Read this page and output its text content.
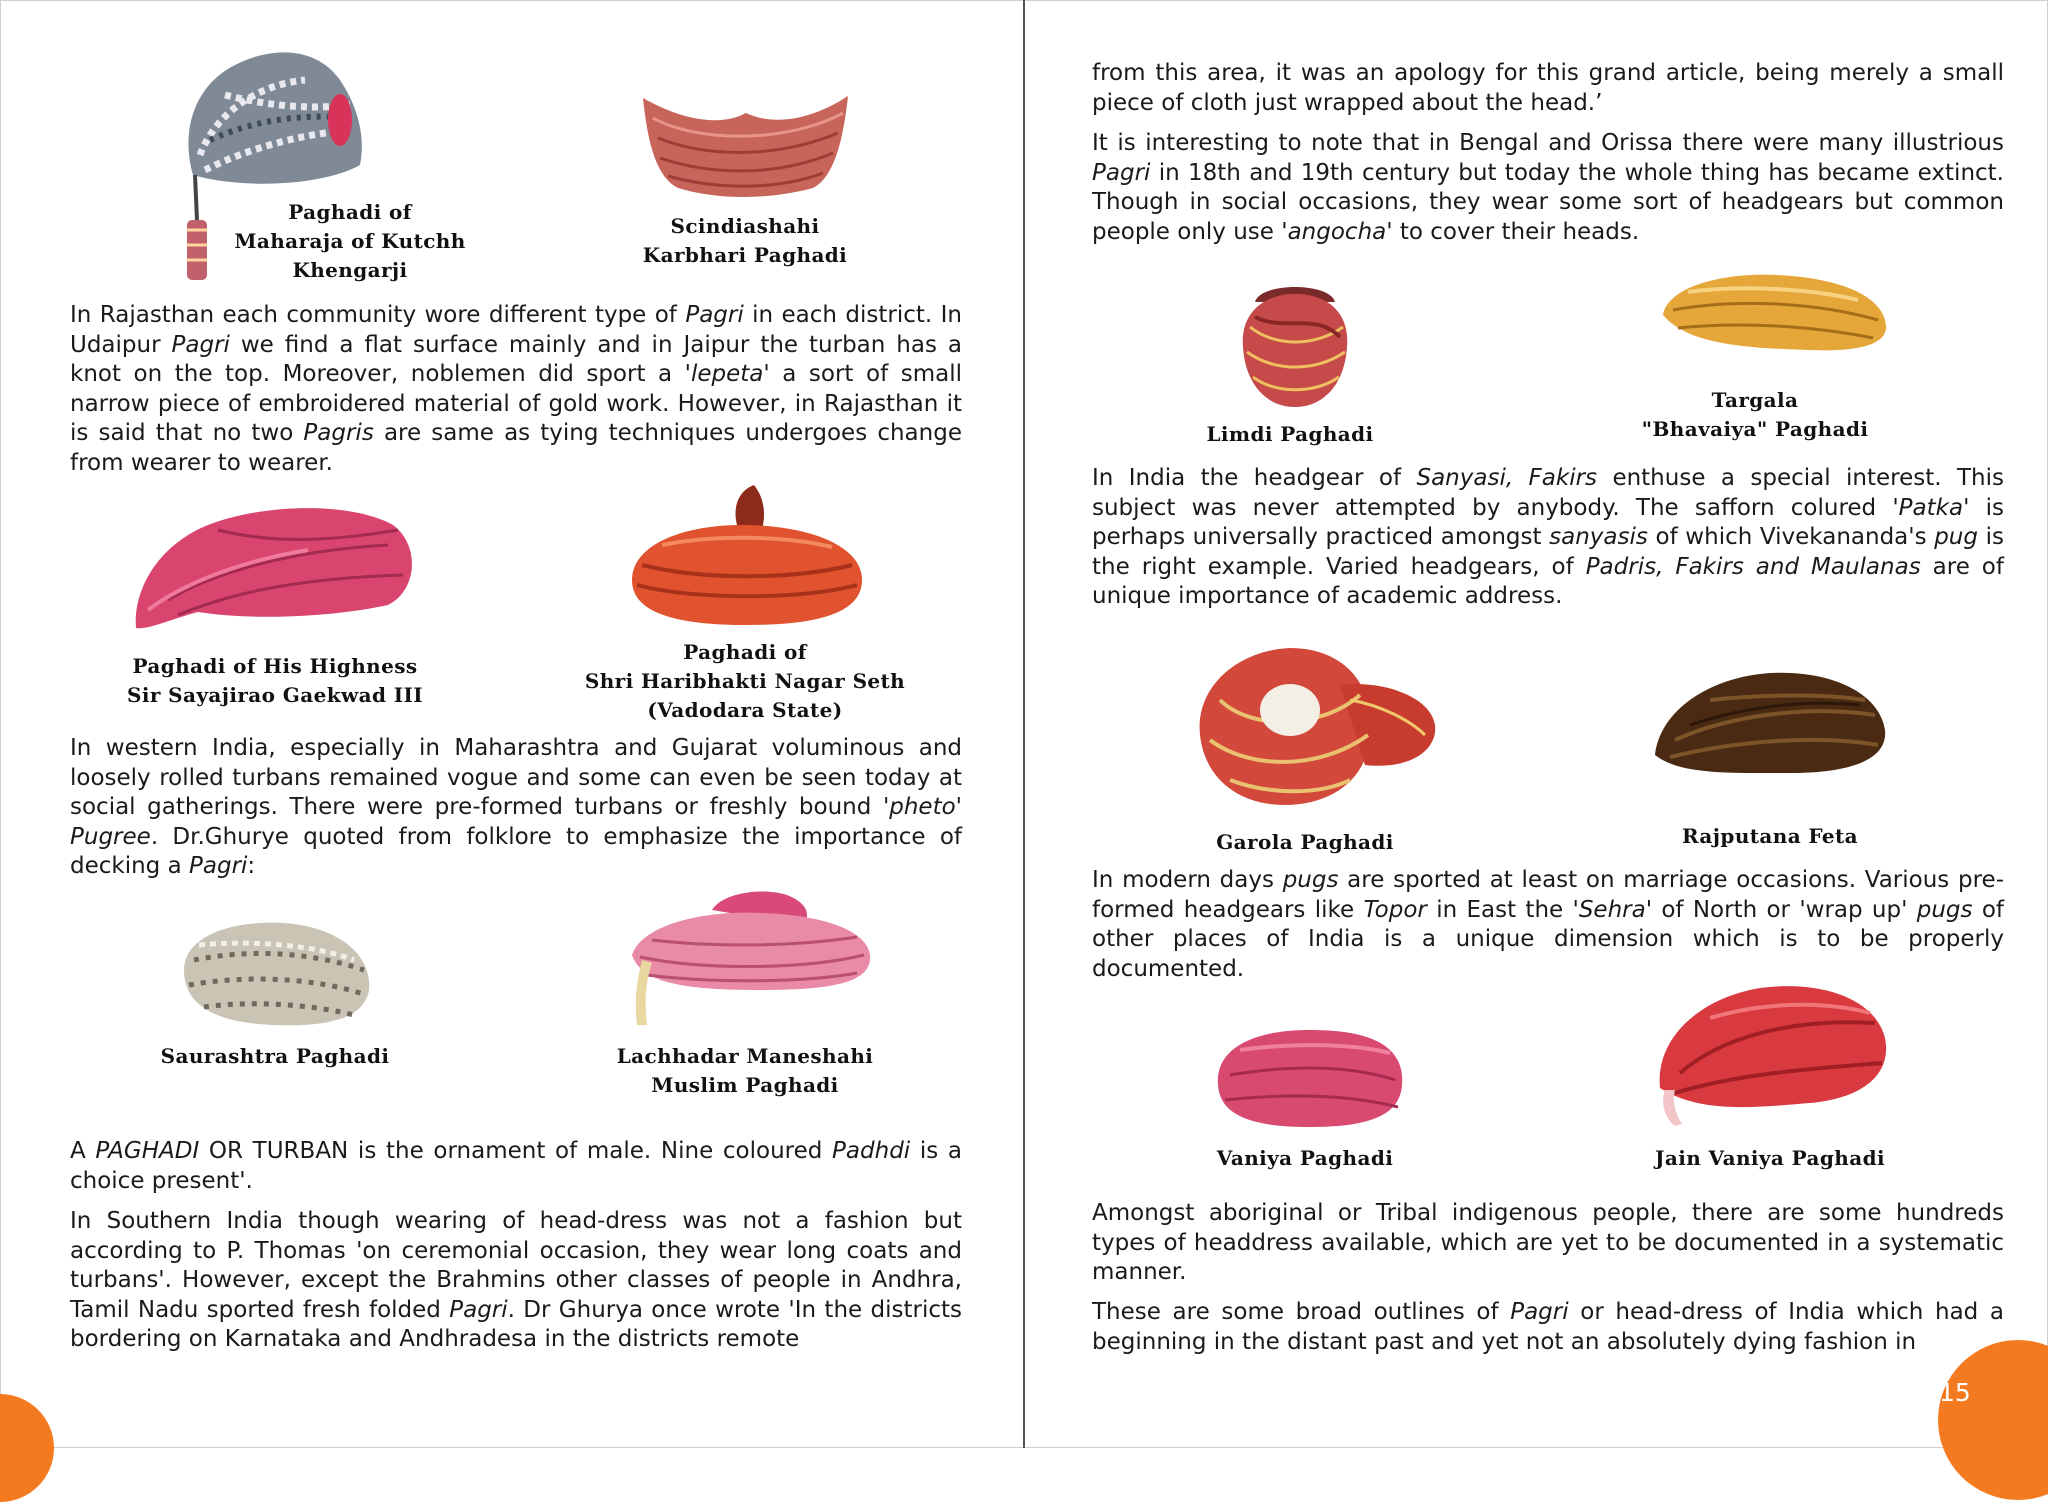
Paghadi of
Maharaja of Kutchh
Khengarji
Scindiashahi
Karbhari Paghadi

In Rajasthan each community wore different type of Pagri in each district. In Udaipur Pagri we find a flat surface mainly and in Jaipur the turban has a knot on the top. Moreover, noblemen did sport a 'lepeta' a sort of small narrow piece of embroidered material of gold work. However, in Rajasthan it is said that no two Pagris are same as tying techniques undergoes change from wearer to wearer.

Paghadi of His Highness
Sir Sayajirao Gaekwad III
Paghadi of
Shri Haribhakti Nagar Seth
(Vadodara State)

In western India, especially in Maharashtra and Gujarat voluminous and loosely rolled turbans remained vogue and some can even be seen today at social gatherings. There were pre-formed turbans or freshly bound 'pheto' Pugree. Dr.Ghurye quoted from folklore to emphasize the importance of decking a Pagri:

Saurashtra Paghadi	Lachhadar Maneshahi
Muslim Paghadi

A PAGHADI OR TURBAN is the ornament of male. Nine coloured Padhdi is a choice present'.

In Southern India though wearing of head-dress was not a fashion but according to P. Thomas 'on ceremonial occasion, they wear long coats and turbans'. However, except the Brahmins other classes of people in Andhra, Tamil Nadu sported fresh folded Pagri. Dr Ghurya once wrote 'In the districts bordering on Karnataka and Andhradesa in the districts remote

14

from this area, it was an apology for this grand article, being merely a small piece of cloth just wrapped about the head.’

It is interesting to note that in Bengal and Orissa there were many illustrious Pagri in 18th and 19th century but today the whole thing has became extinct. Though in social occasions, they wear some sort of headgears but common people only use 'angocha' to cover their heads.

Limdi Paghadi
Targala
"Bhavaiya" Paghadi

In India the headgear of Sanyasi, Fakirs enthuse a special interest. This subject was never attempted by anybody. The safforn colured 'Patka' is perhaps universally practiced amongst sanyasis of which Vivekananda's pug is the right example. Varied headgears, of Padris, Fakirs and Maulanas are of unique importance of academic address.

Garola Paghadi	Rajputana Feta

In modern days pugs are sported at least on marriage occasions. Various pre-formed headgears like Topor in East the 'Sehra' of North or 'wrap up' pugs of other places of India is a unique dimension which is to be properly documented.

Vaniya Paghadi	Jain Vaniya Paghadi

Amongst aboriginal or Tribal indigenous people, there are some hundreds types of headdress available, which are yet to be documented in a systematic manner.

These are some broad outlines of Pagri or head-dress of India which had a beginning in the distant past and yet not an absolutely dying fashion in

15
